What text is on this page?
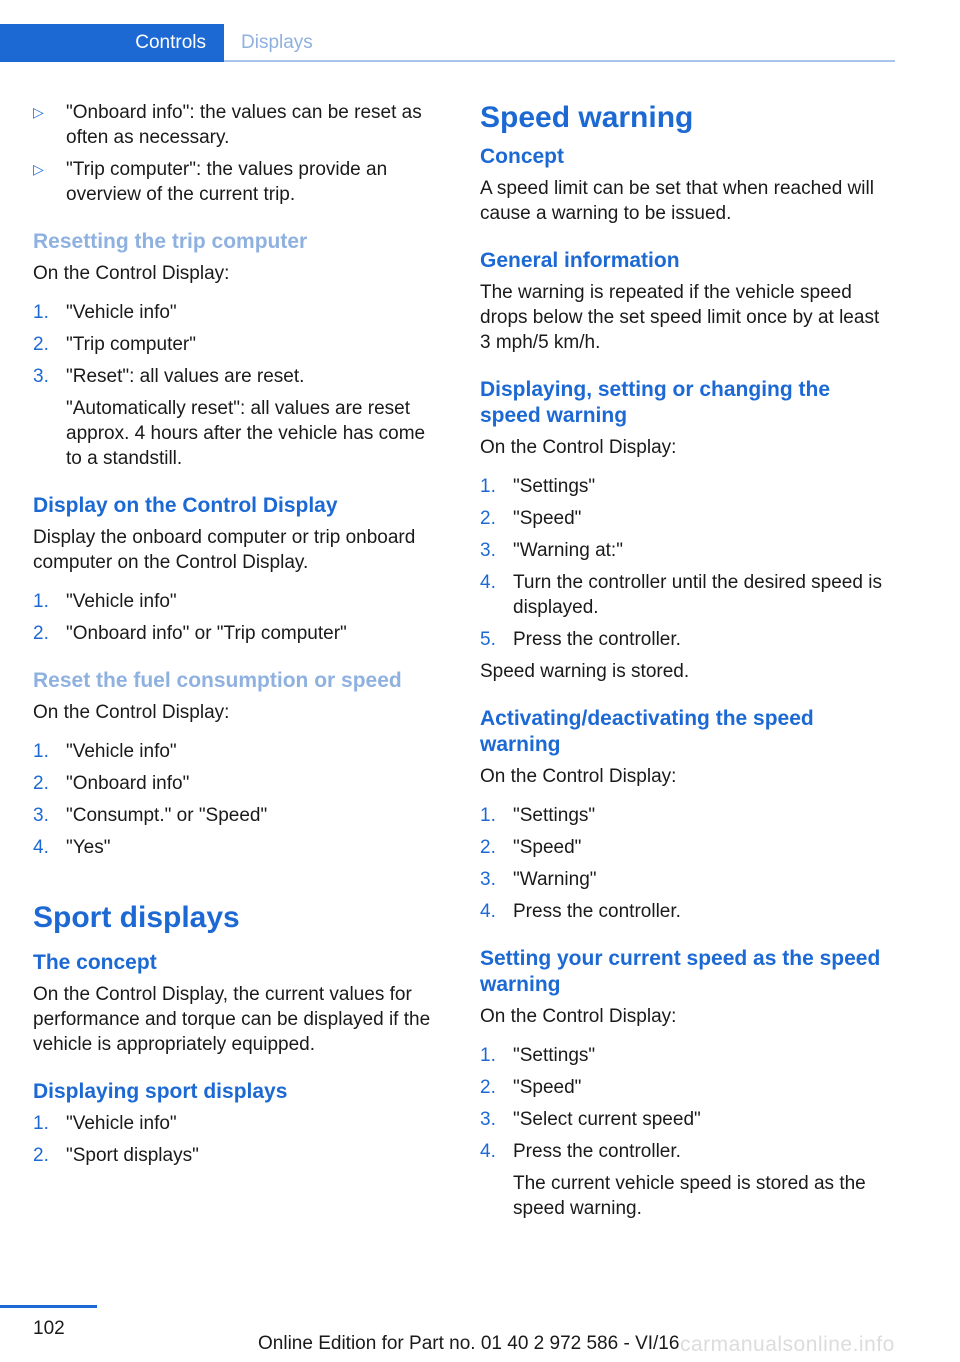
Controls	Displays
▷	"Onboard info": the values can be reset as often as necessary.
▷	"Trip computer": the values provide an overview of the current trip.
Resetting the trip computer

On the Control Display:

1. "Vehicle info"
2. "Trip computer"
3. "Reset": all values are reset.

"Automatically reset": all values are reset approx. 4 hours after the vehicle has come to a standstill.

Display on the Control Display

Display the onboard computer or trip onboard computer on the Control Display.

1. "Vehicle info"
2. "Onboard info" or "Trip computer"
Reset the fuel consumption or speed

On the Control Display:

1. "Vehicle info"
2. "Onboard info"
3. "Consumpt." or "Speed"
4. "Yes"
Sport displays
The concept

On the Control Display, the current values for performance and torque can be displayed if the vehicle is appropriately equipped.

Displaying sport displays
1. "Vehicle info"
2. "Sport displays"
Speed warning
Concept

A speed limit can be set that when reached will cause a warning to be issued.

General information

The warning is repeated if the vehicle speed drops below the set speed limit once by at least 3 mph/5 km/h.

Displaying, setting or changing the speed warning

On the Control Display:

1. "Settings"
2. "Speed"
3. "Warning at:"
4. Turn the controller until the desired speed is displayed.
5. Press the controller.

Speed warning is stored.

Activating/deactivating the speed warning

On the Control Display:

1. "Settings"
2. "Speed"
3. "Warning"
4. Press the controller.
Setting your current speed as the speed warning

On the Control Display:

1. "Settings"
2. "Speed"
3. "Select current speed"
4. Press the controller.

The current vehicle speed is stored as the speed warning.

102
Online Edition for Part no. 01 40 2 972 586 - VI/16 carmanualsonline.info
